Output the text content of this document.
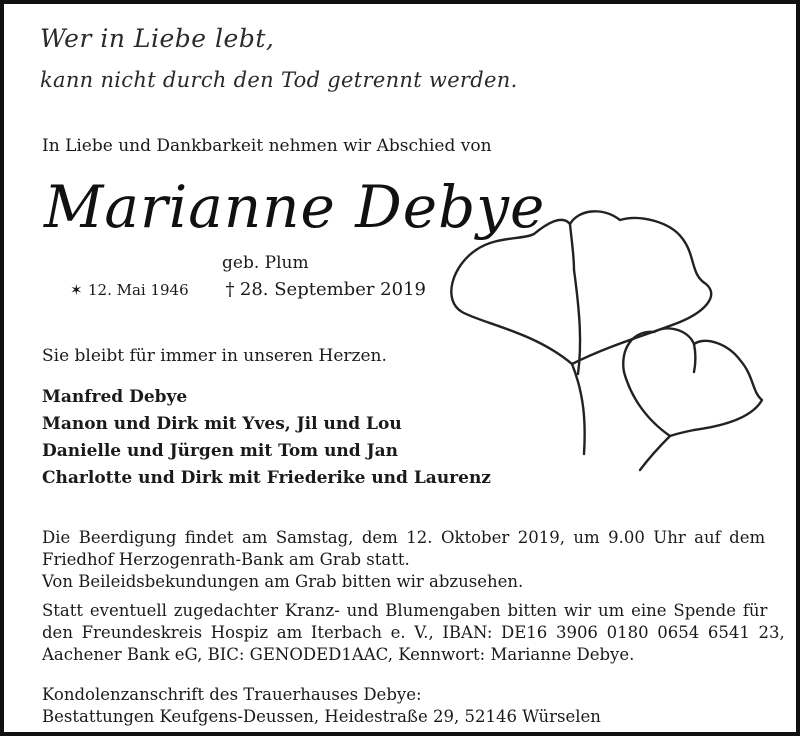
Wer in Liebe lebt,
kann nicht durch den Tod getrennt werden.
In Liebe und Dankbarkeit nehmen wir Abschied von
Marianne Debye
geb. Plum
✶ 12. Mai 1946 † 28. September 2019
Sie bleibt für immer in unseren Herzen.
Manfred Debye
Manon und Dirk mit Yves, Jil und Lou
Danielle und Jürgen mit Tom und Jan
Charlotte und Dirk mit Friederike und Laurenz
Die Beerdigung findet am Samstag, dem 12. Oktober 2019, um 9.00 Uhr auf dem
Friedhof Herzogenrath-Bank am Grab statt.
Von Beileidsbekundungen am Grab bitten wir abzusehen.
Statt eventuell zugedachter Kranz- und Blumengaben bitten wir um eine Spende für
den Freundeskreis Hospiz am Iterbach e. V., IBAN: DE16 3906 0180 0654 6541 23,
Aachener Bank eG, BIC: GENODED1AAC, Kennwort: Marianne Debye.
Kondolenzanschrift des Trauerhauses Debye:
Bestattungen Keufgens-Deussen, Heidestraße 29, 52146 Würselen
